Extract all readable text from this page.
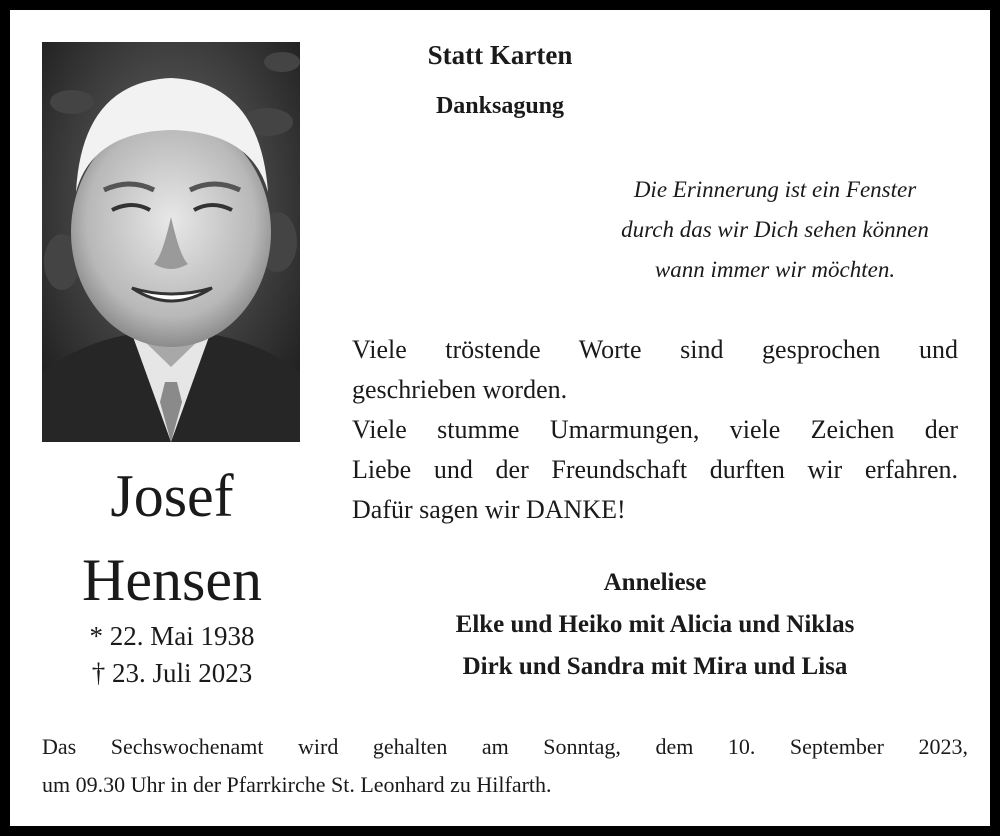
Statt Karten
Danksagung
Die Erinnerung ist ein Fenster
durch das wir Dich sehen können
wann immer wir möchten.
Josef
Hensen
* 22. Mai 1938
† 23. Juli 2023
Viele tröstende Worte sind gesprochen und
geschrieben worden.
Viele stumme Umarmungen, viele Zeichen der
Liebe und der Freundschaft durften wir erfahren.
Dafür sagen wir DANKE!
Anneliese
Elke und Heiko mit Alicia und Niklas
Dirk und Sandra mit Mira und Lisa
Das Sechswochenamt wird gehalten am Sonntag, dem 10. September 2023,
um 09.30 Uhr in der Pfarrkirche St. Leonhard zu Hilfarth.
